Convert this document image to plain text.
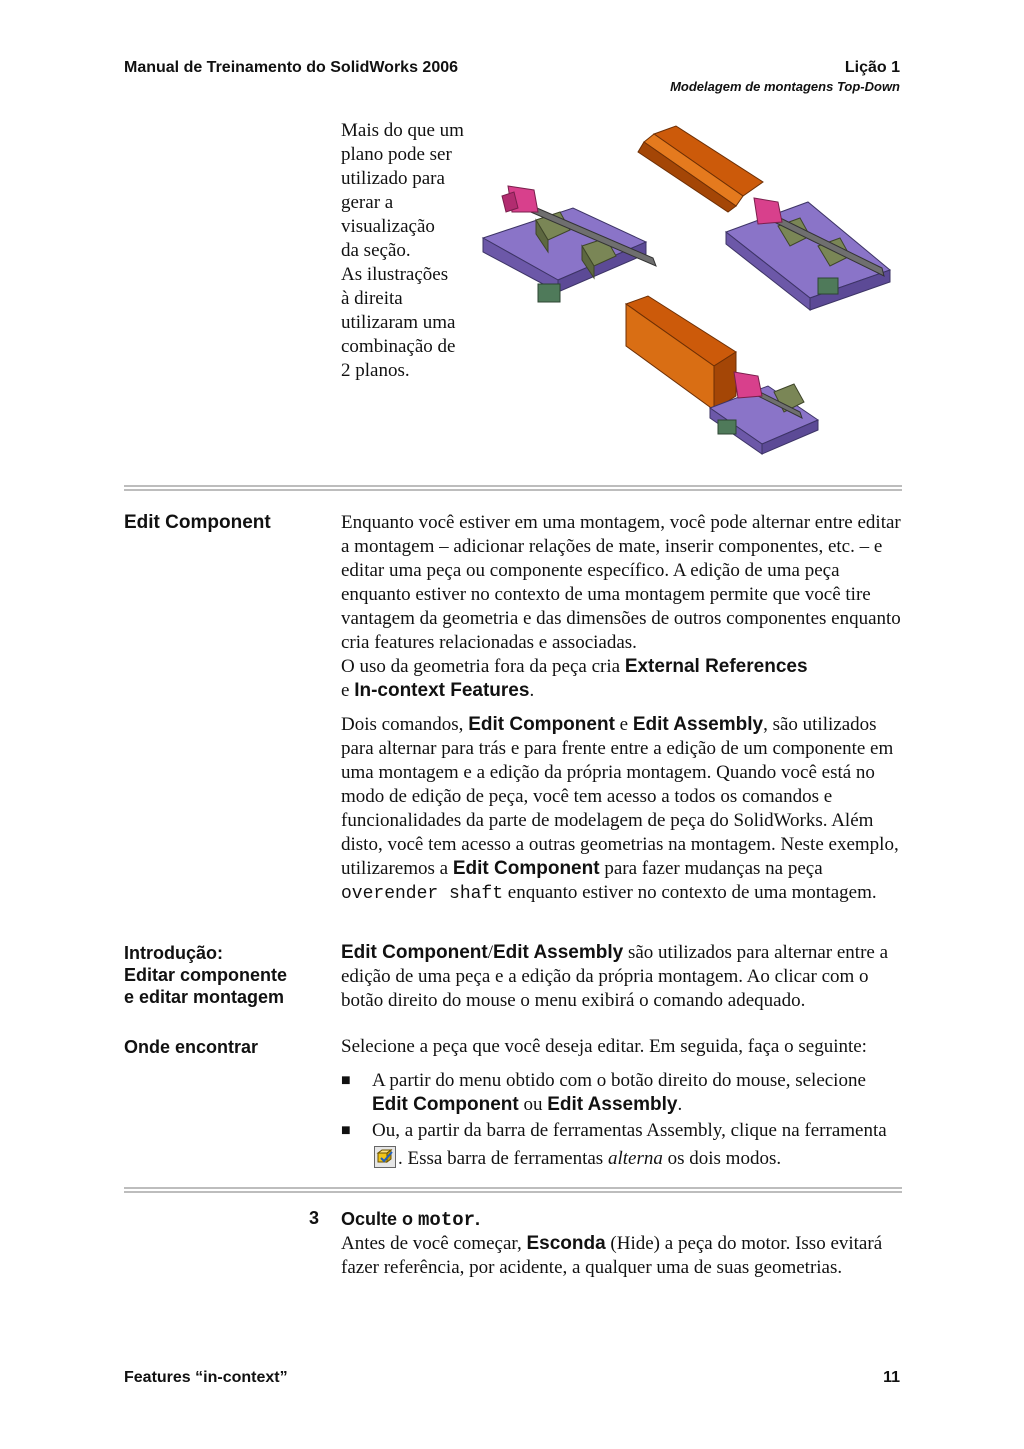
Manual de Treinamento do SolidWorks 2006	Lição 1
Modelagem de montagens Top-Down
Mais do que um
plano pode ser
utilizado para
gerar a
visualização
da seção.
As ilustrações
à direita
utilizaram uma
combinação de
2 planos.
Edit Component	Enquanto você estiver em uma montagem, você pode alternar entre editar a montagem – adicionar relações de mate, inserir componentes, etc. – e editar uma peça ou componente específico. A edição de uma peça enquanto estiver no contexto de uma montagem permite que você tire vantagem da geometria e das dimensões de outros componentes enquanto cria features relacionadas e associadas.
O uso da geometria fora da peça cria External References
e In-context Features.

Dois comandos, Edit Component e Edit Assembly, são utilizados para alternar para trás e para frente entre a edição de um componente em uma montagem e a edição da própria montagem. Quando você está no modo de edição de peça, você tem acesso a todos os comandos e funcionalidades da parte de modelagem de peça do SolidWorks. Além disto, você tem acesso a outras geometrias na montagem. Neste exemplo, utilizaremos a Edit Component para fazer mudanças na peça overender shaft enquanto estiver no contexto de uma montagem.

Introdução:
Editar componente
e editar montagem

Edit Component/Edit Assembly são utilizados para alternar entre a edição de uma peça e a edição da própria montagem. Ao clicar com o botão direito do mouse o menu exibirá o comando adequado.

Onde encontrar	Selecione a peça que você deseja editar. Em seguida, faça o seguinte:

■ A partir do menu obtido com o botão direito do mouse, selecione Edit Component ou Edit Assembly.
■ Ou, a partir da barra de ferramentas Assembly, clique na ferramenta
. Essa barra de ferramentas alterna os dois modos.
3 Oculte o motor.

Antes de você começar, Esconda (Hide) a peça do motor. Isso evitará fazer referência, por acidente, a qualquer uma de suas geometrias.

Features “in-context”	11
